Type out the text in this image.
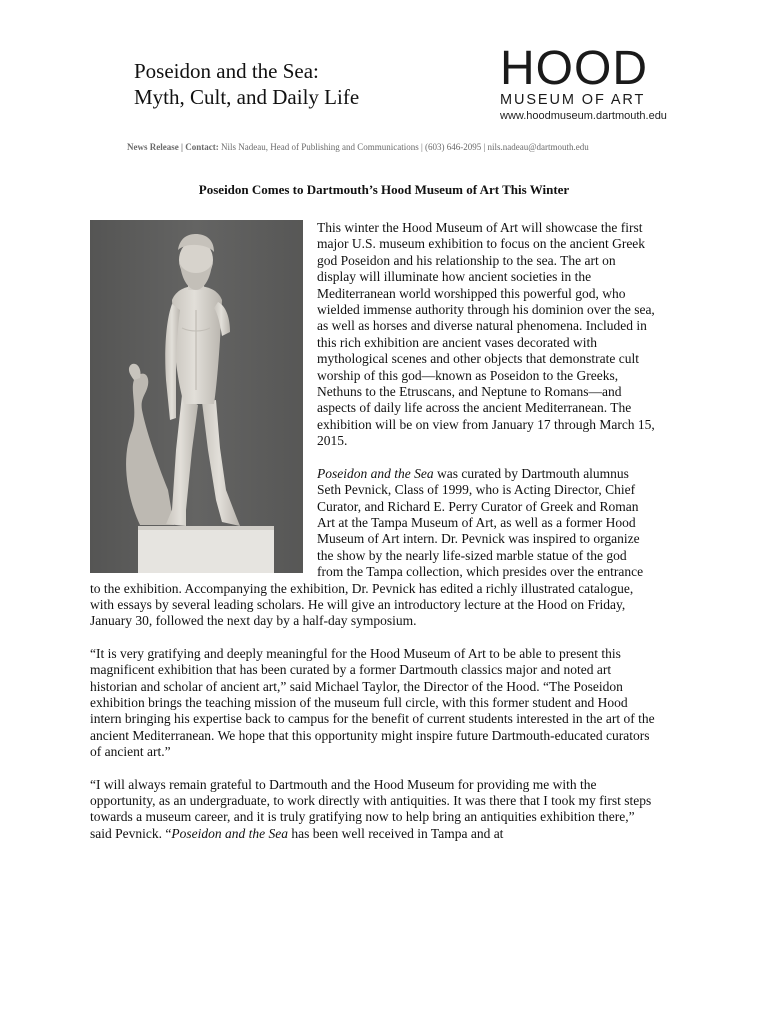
Poseidon and the Sea:
Myth, Cult, and Daily Life
HOOD
MUSEUM OF ART
www.hoodmuseum.dartmouth.edu
News Release | Contact: Nils Nadeau, Head of Publishing and Communications | (603) 646-2095 | nils.nadeau@dartmouth.edu
Poseidon Comes to Dartmouth’s Hood Museum of Art This Winter

This winter the Hood Museum of Art will showcase the first major U.S. museum exhibition to focus on the ancient Greek god Poseidon and his relationship to the sea. The art on display will illuminate how ancient societies in the Mediterranean world worshipped this powerful god, who wielded immense authority through his dominion over the sea, as well as horses and diverse natural phenomena. Included in this rich exhibition are ancient vases decorated with mythological scenes and other objects that demonstrate cult worship of this god—known as Poseidon to the Greeks, Nethuns to the Etruscans, and Neptune to Romans—and aspects of daily life across the ancient Mediterranean. The exhibition will be on view from January 17 through March 15, 2015.

Poseidon and the Sea was curated by Dartmouth alumnus Seth Pevnick, Class of 1999, who is Acting Director, Chief Curator, and Richard E. Perry Curator of Greek and Roman Art at the Tampa Museum of Art, as well as a former Hood Museum of Art intern. Dr. Pevnick was inspired to organize the show by the nearly life-sized marble statue of the god from the Tampa collection, which presides over the entrance to the exhibition. Accompanying the exhibition, Dr. Pevnick has edited a richly illustrated catalogue, with essays by several leading scholars. He will give an introductory lecture at the Hood on Friday, January 30, followed the next day by a half-day symposium.

“It is very gratifying and deeply meaningful for the Hood Museum of Art to be able to present this magnificent exhibition that has been curated by a former Dartmouth classics major and noted art historian and scholar of ancient art,” said Michael Taylor, the Director of the Hood. “The Poseidon exhibition brings the teaching mission of the museum full circle, with this former student and Hood intern bringing his expertise back to campus for the benefit of current students interested in the art of the ancient Mediterranean. We hope that this opportunity might inspire future Dartmouth-educated curators of ancient art.”

“I will always remain grateful to Dartmouth and the Hood Museum for providing me with the opportunity, as an undergraduate, to work directly with antiquities. It was there that I took my first steps towards a museum career, and it is truly gratifying now to help bring an antiquities exhibition there,” said Pevnick. “Poseidon and the Sea has been well received in Tampa and at
